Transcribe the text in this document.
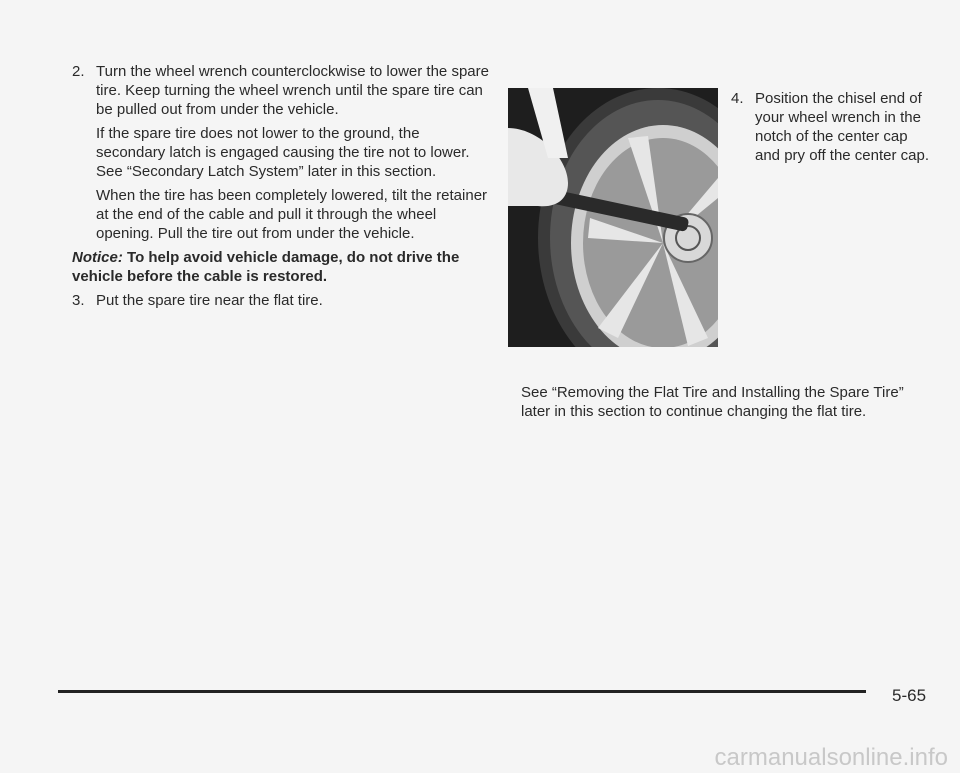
2. Turn the wheel wrench counterclockwise to lower the spare tire. Keep turning the wheel wrench until the spare tire can be pulled out from under the vehicle.

If the spare tire does not lower to the ground, the secondary latch is engaged causing the tire not to lower. See “Secondary Latch System” later in this section.

When the tire has been completely lowered, tilt the retainer at the end of the cable and pull it through the wheel opening. Pull the tire out from under the vehicle.

Notice: To help avoid vehicle damage, do not drive the vehicle before the cable is restored.
3. Put the spare tire near the flat tire.
4. Position the chisel end of your wheel wrench in the notch of the center cap and pry off the center cap.

See “Removing the Flat Tire and Installing the Spare Tire” later in this section to continue changing the flat tire.

5-65
carmanualsonline.info
